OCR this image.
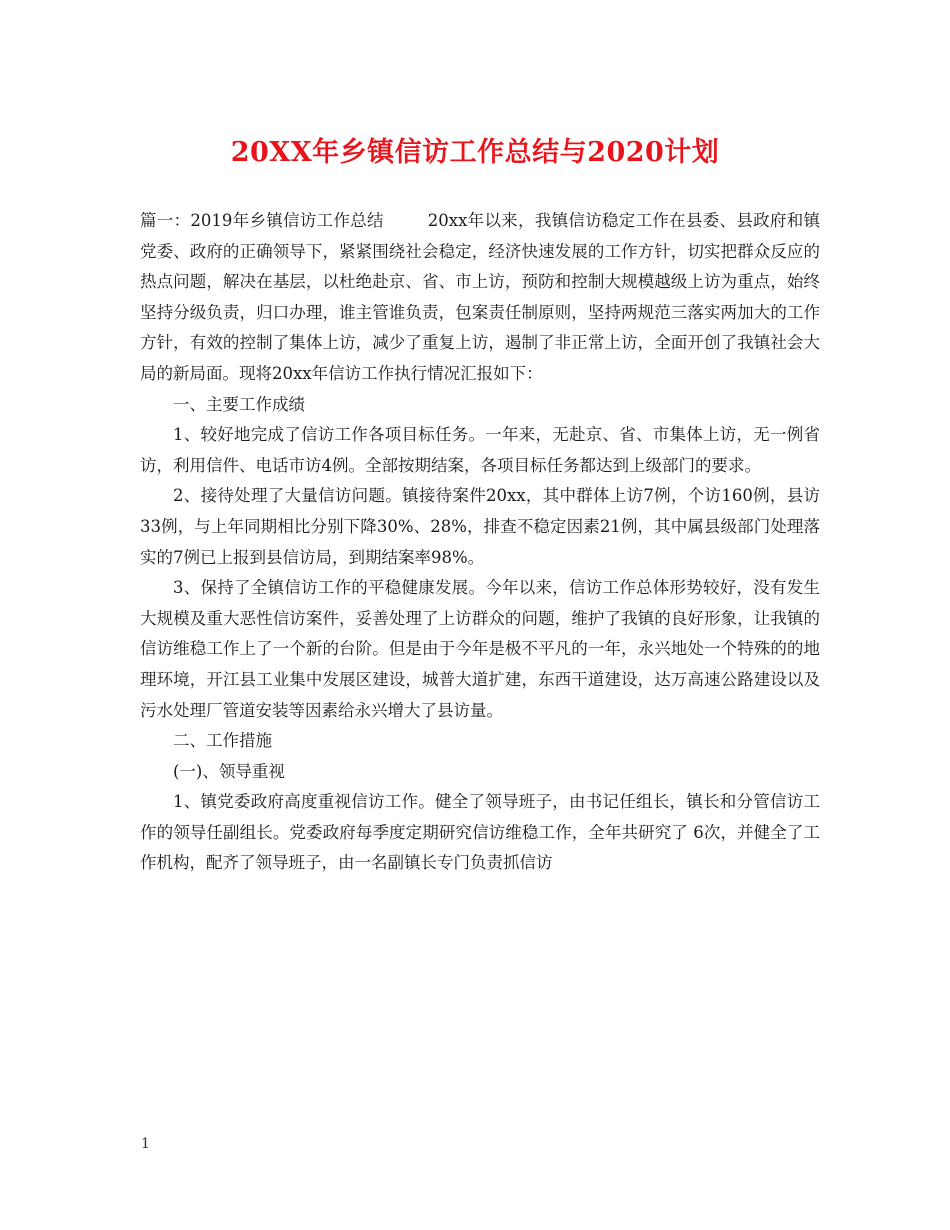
20XX年乡镇信访工作总结与2020计划

篇一：2019年乡镇信访工作总结	20xx年以来，我镇信访稳定工作在县委、县政府和镇党委、政府的正确领导下，紧紧围绕社会稳定，经济快速发展的工作方针，切实把群众反应的热点问题，解决在基层，以杜绝赴京、省、市上访，预防和控制大规模越级上访为重点，始终坚持分级负责，归口办理，谁主管谁负责，包案责任制原则，坚持两规范三落实两加大的工作方针，有效的控制了集体上访，减少了重复上访，遏制了非正常上访，全面开创了我镇社会大局的新局面。现将20xx年信访工作执行情况汇报如下：

一、主要工作成绩

1、较好地完成了信访工作各项目标任务。一年来，无赴京、省、市集体上访，无一例省访，利用信件、电话市访4例。全部按期结案，各项目标任务都达到上级部门的要求。

2、接待处理了大量信访问题。镇接待案件20xx，其中群体上访7例，个访160例，县访33例，与上年同期相比分别下降30%、28%，排查不稳定因素21例，其中属县级部门处理落实的7例已上报到县信访局，到期结案率98%。

3、保持了全镇信访工作的平稳健康发展。今年以来，信访工作总体形势较好，没有发生大规模及重大恶性信访案件，妥善处理了上访群众的问题，维护了我镇的良好形象，让我镇的信访维稳工作上了一个新的台阶。但是由于今年是极不平凡的一年，永兴地处一个特殊的的地理环境，开江县工业集中发展区建设，城普大道扩建，东西干道建设，达万高速公路建设以及污水处理厂管道安装等因素给永兴增大了县访量。

二、工作措施

(一)、领导重视

1、镇党委政府高度重视信访工作。健全了领导班子，由书记任组长，镇长和分管信访工作的领导任副组长。党委政府每季度定期研究信访维稳工作，全年共研究了 6次，并健全了工作机构，配齐了领导班子，由一名副镇长专门负责抓信访

1
